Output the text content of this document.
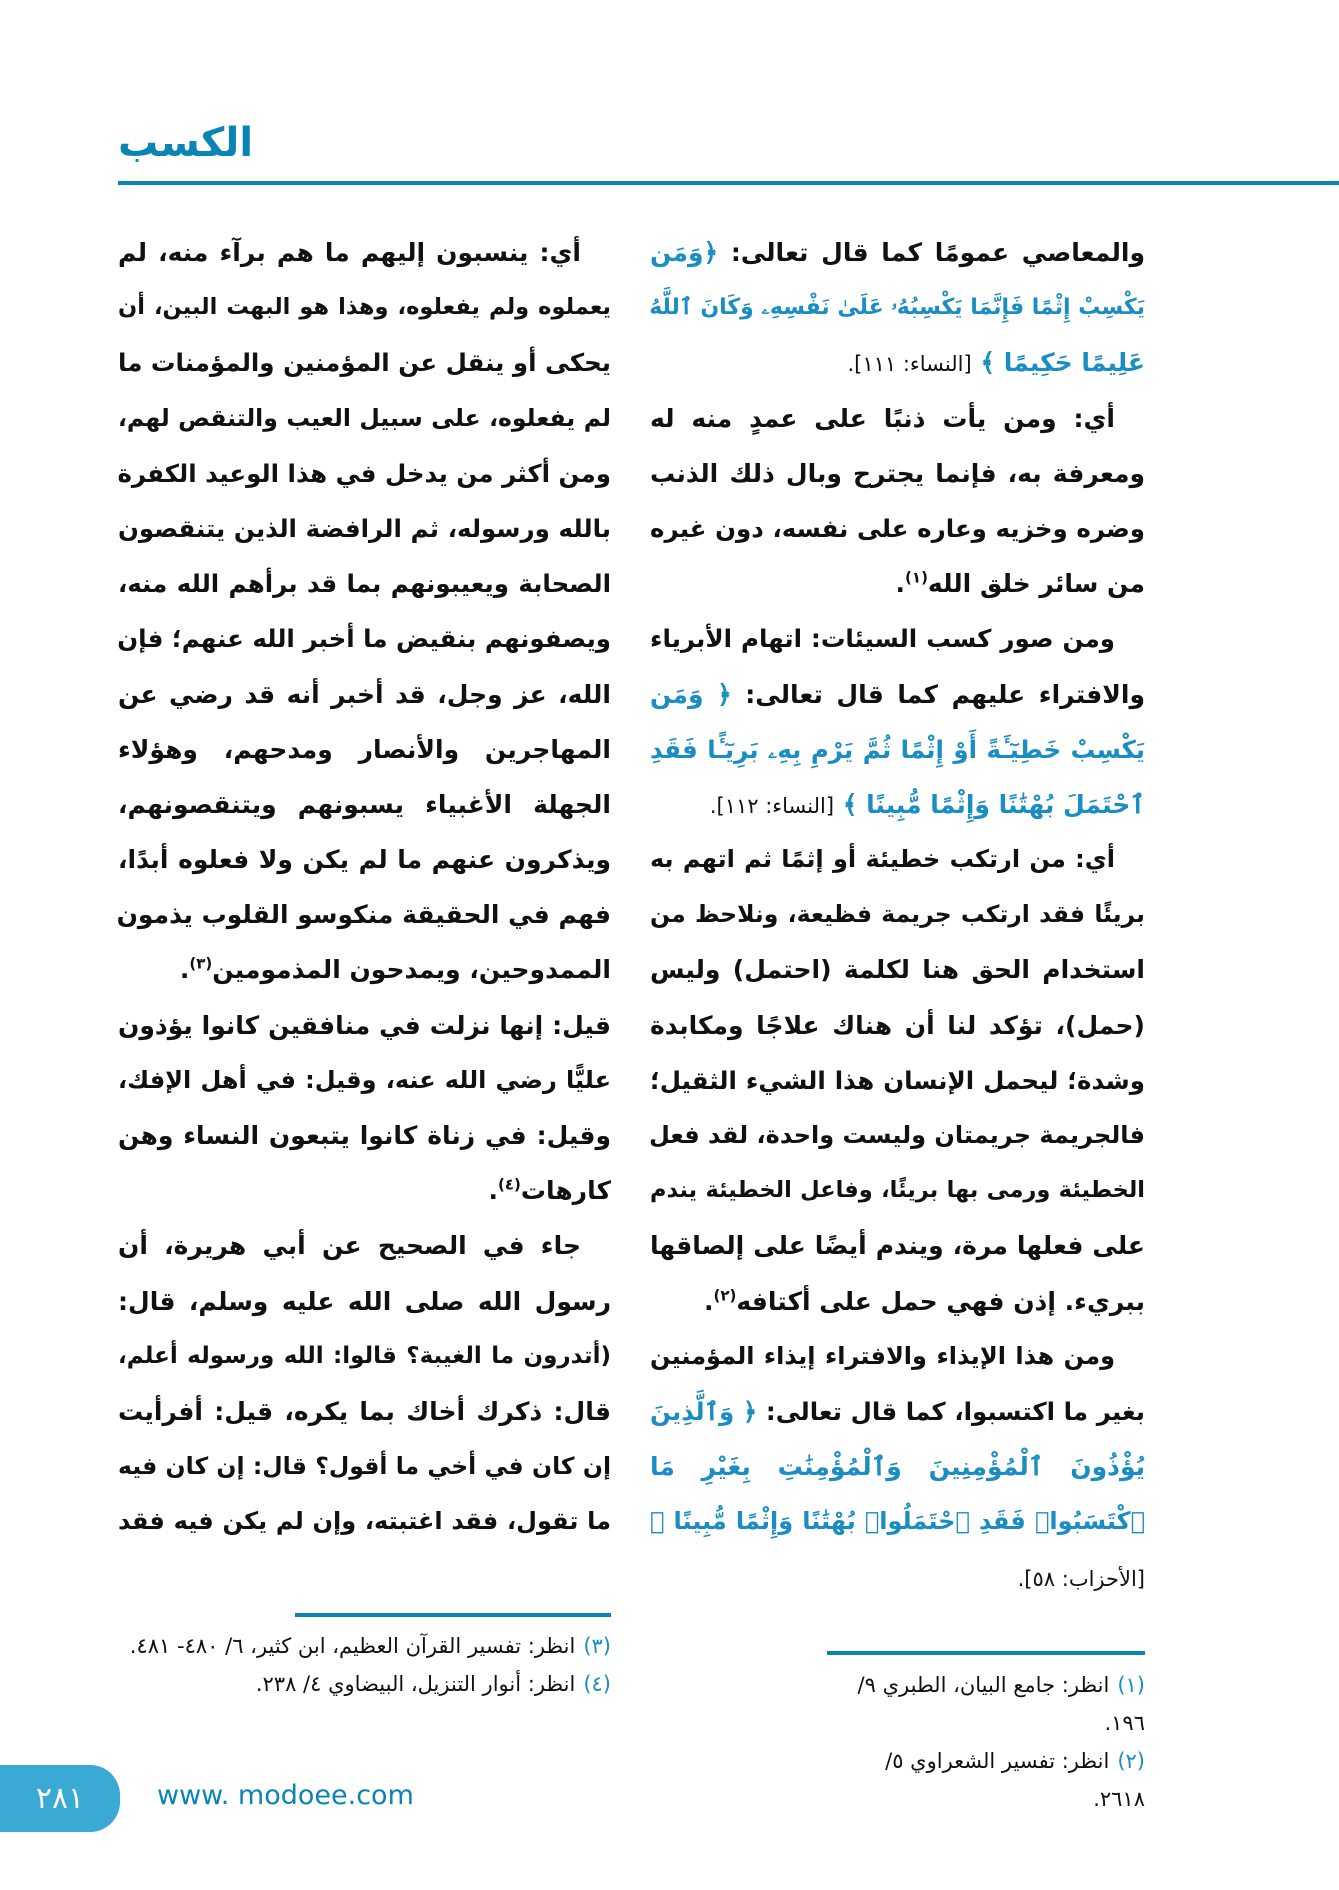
الكسب
والمعاصي عمومًا كما قال تعالى: ﴿وَمَن
يَكْسِبْ إِثْمًا فَإِنَّمَا يَكْسِبُهُۥ عَلَىٰ نَفْسِهِۦ وَكَانَ ٱللَّهُ
عَلِيمًا حَكِيمًا ﴾ [النساء: ١١١].
أي: ومن يأت ذنبًا على عمدٍ منه له
ومعرفة به، فإنما يجترح وبال ذلك الذنب
وضره وخزيه وعاره على نفسه، دون غيره
من سائر خلق الله$^{(١)}$.
ومن صور كسب السيئات: اتهام الأبرياء
والافتراء عليهم كما قال تعالى: ﴿ وَمَن
يَكْسِبْ خَطِيٓـَٔةً أَوْ إِثْمًا ثُمَّ يَرْمِ بِهِۦ بَرِيٓـًٔا فَقَدِ
ٱحْتَمَلَ بُهْتَٰنًا وَإِثْمًا مُّبِينًا ﴾ [النساء: ١١٢].
أي: من ارتكب خطيئة أو إثمًا ثم اتهم به
بريئًا فقد ارتكب جريمة فظيعة، ونلاحظ من
استخدام الحق هنا لكلمة (احتمل) وليس
(حمل)، تؤكد لنا أن هناك علاجًا ومكابدة
وشدة؛ ليحمل الإنسان هذا الشيء الثقيل؛
فالجريمة جريمتان وليست واحدة، لقد فعل
الخطيئة ورمى بها بريئًا، وفاعل الخطيئة يندم
على فعلها مرة، ويندم أيضًا على إلصاقها
ببريء. إذن فهي حمل على أكتافه$^{(٢)}$.
ومن هذا الإيذاء والافتراء إيذاء المؤمنين
بغير ما اكتسبوا، كما قال تعالى: ﴿ وَٱلَّذِينَ
يُؤْذُونَ ٱلْمُؤْمِنِينَ وَٱلْمُؤْمِنَٰتِ بِغَيْرِ مَا
ٱكْتَسَبُوا۟ فَقَدِ ٱحْتَمَلُوا۟ بُهْتَٰنًا وَإِثْمًا مُّبِينًا ﴾
[الأحزاب: ٥٨].
أي: ينسبون إليهم ما هم برآء منه، لم
يعملوه ولم يفعلوه، وهذا هو البهت البين، أن
يحكى أو ينقل عن المؤمنين والمؤمنات ما
لم يفعلوه، على سبيل العيب والتنقص لهم،
ومن أكثر من يدخل في هذا الوعيد الكفرة
بالله ورسوله، ثم الرافضة الذين يتنقصون
الصحابة ويعيبونهم بما قد برأهم الله منه،
ويصفونهم بنقيض ما أخبر الله عنهم؛ فإن
الله، عز وجل، قد أخبر أنه قد رضي عن
المهاجرين والأنصار ومدحهم، وهؤلاء
الجهلة الأغبياء يسبونهم ويتنقصونهم،
ويذكرون عنهم ما لم يكن ولا فعلوه أبدًا،
فهم في الحقيقة منكوسو القلوب يذمون
الممدوحين، ويمدحون المذمومين$^{(٣)}$.
قيل: إنها نزلت في منافقين كانوا يؤذون
عليًّا رضي الله عنه، وقيل: في أهل الإفك،
وقيل: في زناة كانوا يتبعون النساء وهن
كارهات$^{(٤)}$.
جاء في الصحيح عن أبي هريرة، أن
رسول الله صلى الله عليه وسلم، قال:
(أتدرون ما الغيبة؟ قالوا: الله ورسوله أعلم،
قال: ذكرك أخاك بما يكره، قيل: أفرأيت
إن كان في أخي ما أقول؟ قال: إن كان فيه
ما تقول، فقد اغتبته، وإن لم يكن فيه فقد
(١)انظر: جامع البيان، الطبري ٩/ ١٩٦.
(٢)انظر: تفسير الشعراوي ٥/ ٢٦١٨.
(٣)انظر: تفسير القرآن العظيم، ابن كثير، ٦/ ٤٨٠- ٤٨١.
(٤)انظر: أنوار التنزيل، البيضاوي ٤/ ٢٣٨.
٢٨١	www. modoee.com
